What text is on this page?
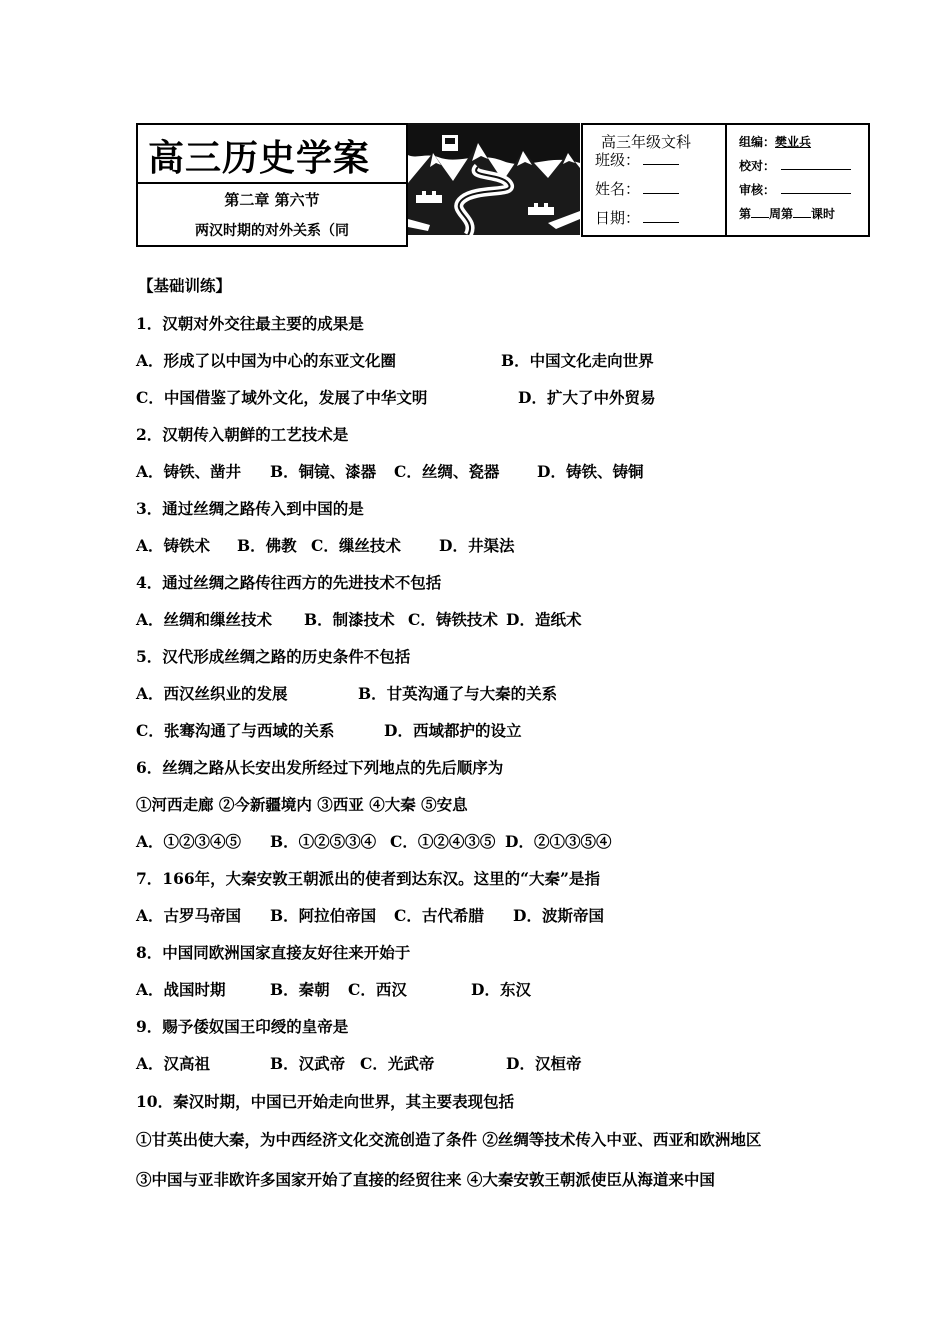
高三历史学案
第二章 第六节
两汉时期的对外关系（同
高三年级文科
班级：
姓名：
日期：
组编：樊业兵
校对：
审核：
第 周第 课时
【基础训练】
1．汉朝对外交往最主要的成果是
A．形成了以中国为中心的东亚文化圈	B．中国文化走向世界
C．中国借鉴了域外文化，发展了中华文明	D．扩大了中外贸易
2．汉朝传入朝鲜的工艺技术是
A．铸铁、凿井 B．铜镜、漆器 C．丝绸、瓷器 D．铸铁、铸铜
3．通过丝绸之路传入到中国的是
A．铸铁术 B．佛教 C．缫丝技术 D．井渠法
4．通过丝绸之路传往西方的先进技术不包括
A．丝绸和缫丝技术 B．制漆技术 C．铸铁技术 D．造纸术
5．汉代形成丝绸之路的历史条件不包括
A．西汉丝织业的发展	B．甘英沟通了与大秦的关系
C．张骞沟通了与西域的关系	D．西域都护的设立
6．丝绸之路从长安出发所经过下列地点的先后顺序为
①河西走廊 ②今新疆境内 ③西亚 ④大秦 ⑤安息
A．①②③④⑤ B．①②⑤③④ C．①②④③⑤ D．②①③⑤④
7．166年，大秦安敦王朝派出的使者到达东汉。这里的“大秦”是指
A．古罗马帝国 B．阿拉伯帝国 C．古代希腊 D．波斯帝国
8．中国同欧洲国家直接友好往来开始于
A．战国时期	B．秦朝 C．西汉	D．东汉
9．赐予倭奴国王印绶的皇帝是
A．汉高祖	B．汉武帝 C．光武帝	D．汉桓帝
10．秦汉时期，中国已开始走向世界，其主要表现包括
①甘英出使大秦，为中西经济文化交流创造了条件 ②丝绸等技术传入中亚、西亚和欧洲地区
③中国与亚非欧许多国家开始了直接的经贸往来 ④大秦安敦王朝派使臣从海道来中国
